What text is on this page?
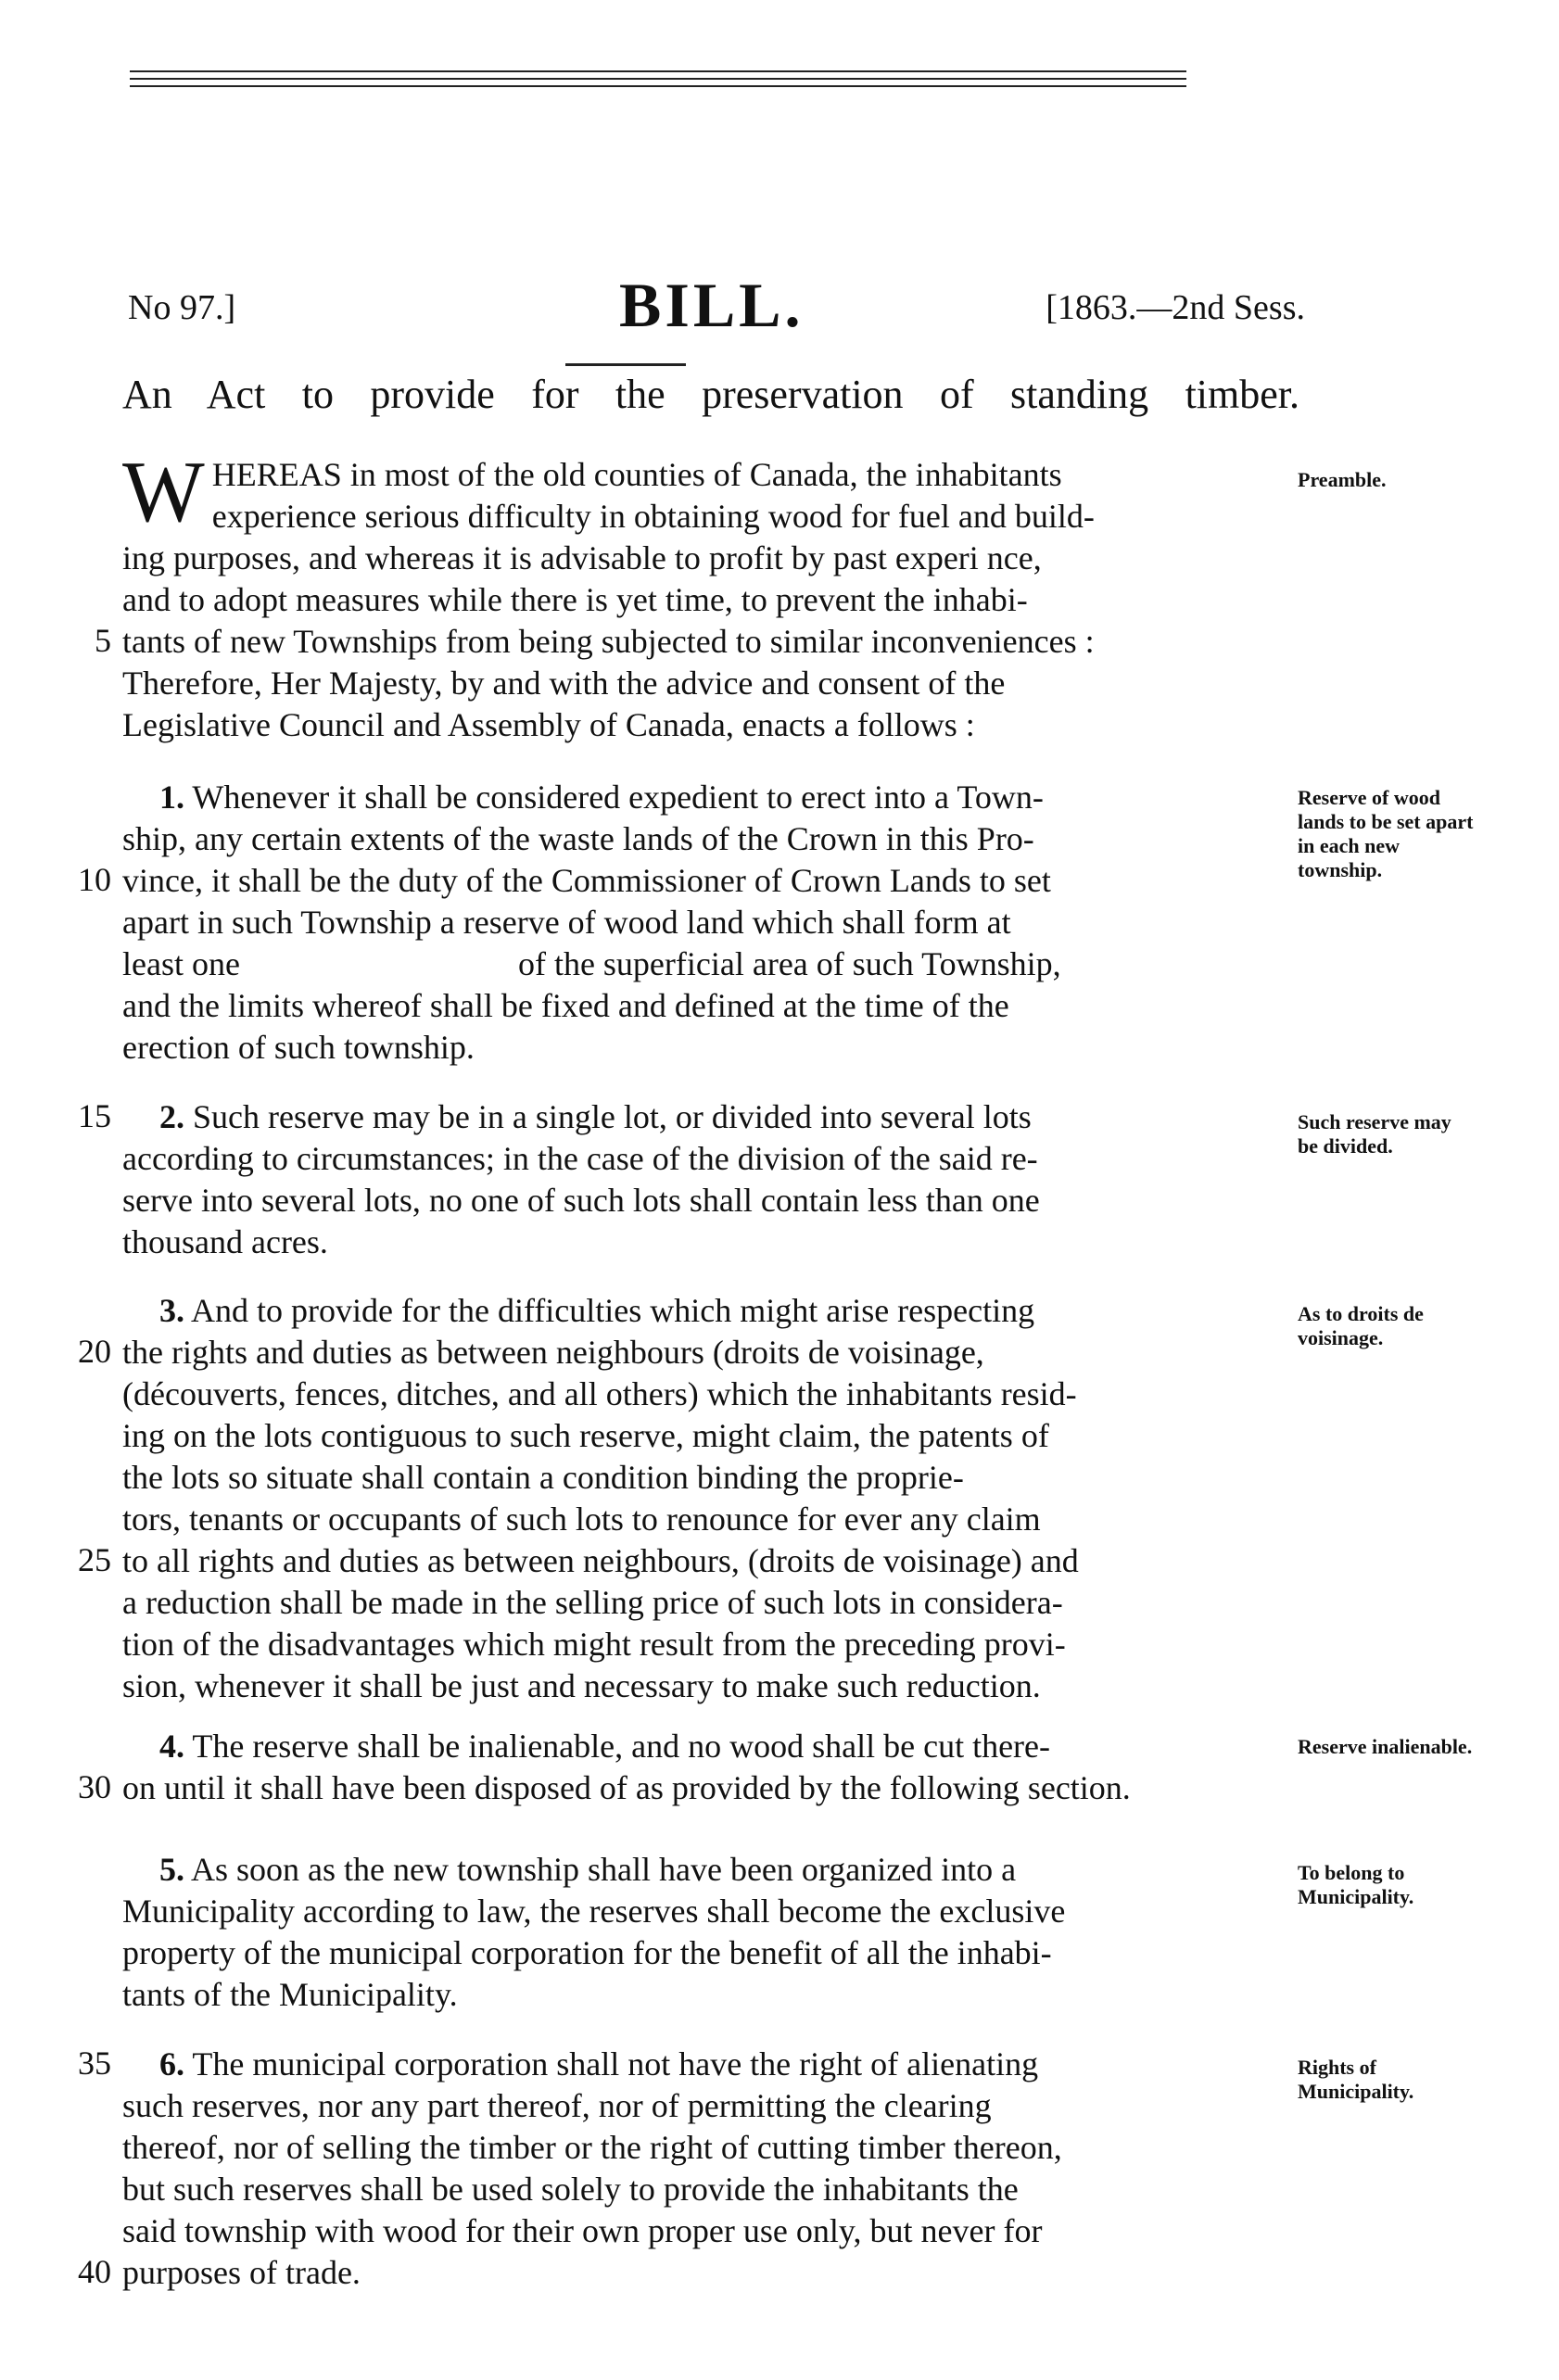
No 97.]	BILL.	[1863.—2nd Sess.
An Act to provide for the preservation of standing timber.
W HEREAS in most of the old counties of Canada, the inhabitants
experience serious difficulty in obtaining wood for fuel and build-
ing purposes, and whereas it is advisable to profit by past experi nce,
and to adopt measures while there is yet time, to prevent the inhabi-
tants of new Townships from being subjected to similar inconveniences :
Therefore, Her Majesty, by and with the advice and consent of the
Legislative Council and Assembly of Canada, enacts a follows :
Preamble.
1. Whenever it shall be considered expedient to erect into a Town-
ship, any certain extents of the waste lands of the Crown in this Pro-
vince, it shall be the duty of the Commissioner of Crown Lands to set
apart in such Township a reserve of wood land which shall form at
least one	of the superficial area of such Township,
and the limits whereof shall be fixed and defined at the time of the
erection of such township.
Reserve of wood lands to be set apart in each new township.
2. Such reserve may be in a single lot, or divided into several lots
according to circumstances; in the case of the division of the said re-
serve into several lots, no one of such lots shall contain less than one
thousand acres.
Such reserve may be divided.
3. And to provide for the difficulties which might arise respecting
the rights and duties as between neighbours (droits de voisinage,
(découverts, fences, ditches, and all others) which the inhabitants resid-
ing on the lots contiguous to such reserve, might claim, the patents of
the lots so situate shall contain a condition binding the proprie-
tors, tenants or occupants of such lots to renounce for ever any claim
to all rights and duties as between neighbours, (droits de voisinage) and
a reduction shall be made in the selling price of such lots in considera-
tion of the disadvantages which might result from the preceding provi-
sion, whenever it shall be just and necessary to make such reduction.
As to droits de voisinage.
4. The reserve shall be inalienable, and no wood shall be cut there-
on until it shall have been disposed of as provided by the following section.
Reserve inalienable.
5. As soon as the new township shall have been organized into a
Municipality according to law, the reserves shall become the exclusive
property of the municipal corporation for the benefit of all the inhabi-
tants of the Municipality.
To belong to Municipality.
6. The municipal corporation shall not have the right of alienating
such reserves, nor any part thereof, nor of permitting the clearing
thereof, nor of selling the timber or the right of cutting timber thereon,
but such reserves shall be used solely to provide the inhabitants the
said township with wood for their own proper use only, but never for
purposes of trade.
Rights of Municipality.
5
10
15
20
25
30
35
40
